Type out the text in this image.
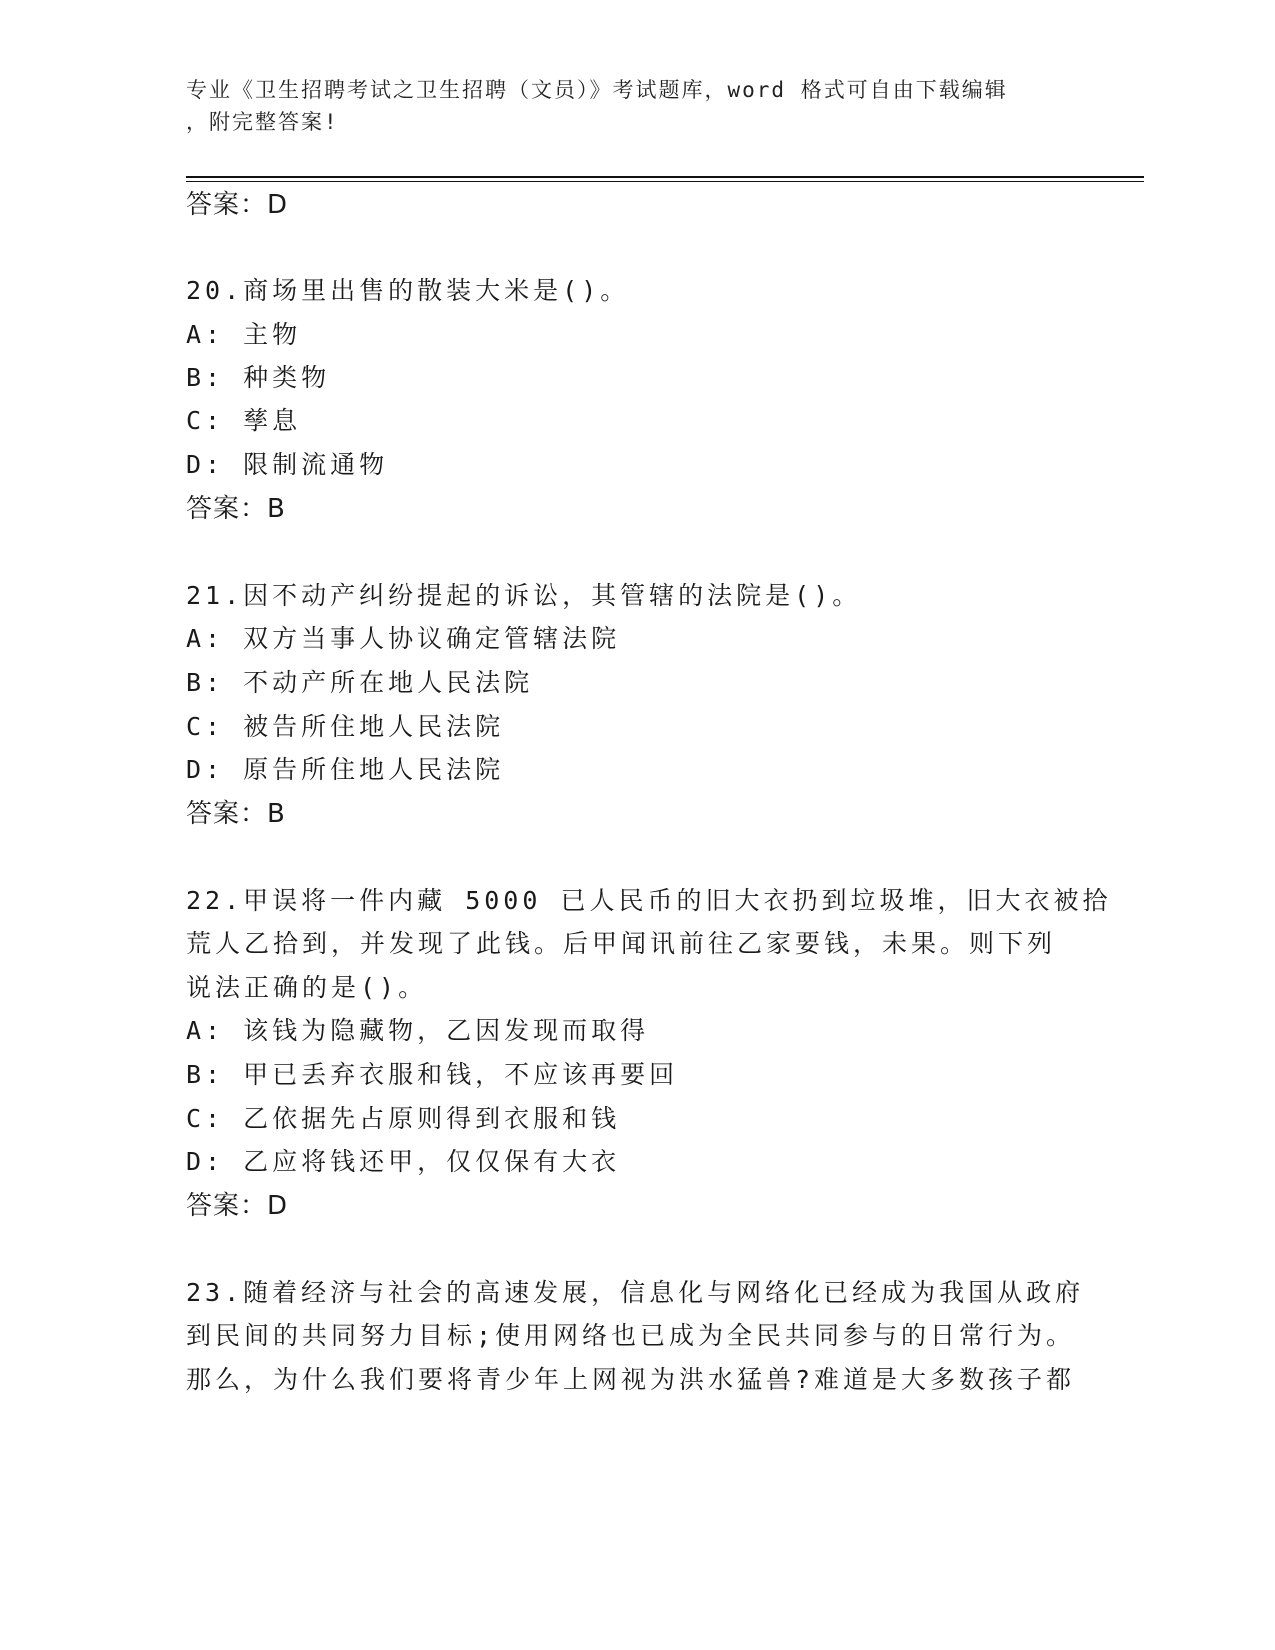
专业《卫生招聘考试之卫生招聘（文员）》考试题库，word 格式可自由下载编辑
，附完整答案!
答案：D
20.商场里出售的散装大米是()。
A: 主物
B: 种类物
C: 孳息
D: 限制流通物
答案：B
21.因不动产纠纷提起的诉讼，其管辖的法院是()。
A: 双方当事人协议确定管辖法院
B: 不动产所在地人民法院
C: 被告所住地人民法院
D: 原告所住地人民法院
答案：B
22.甲误将一件内藏 5000 已人民币的旧大衣扔到垃圾堆，旧大衣被拾
荒人乙拾到，并发现了此钱。后甲闻讯前往乙家要钱，未果。则下列
说法正确的是()。
A: 该钱为隐藏物，乙因发现而取得
B: 甲已丢弃衣服和钱，不应该再要回
C: 乙依据先占原则得到衣服和钱
D: 乙应将钱还甲，仅仅保有大衣
答案：D
23.随着经济与社会的高速发展，信息化与网络化已经成为我国从政府
到民间的共同努力目标;使用网络也已成为全民共同参与的日常行为。
那么，为什么我们要将青少年上网视为洪水猛兽?难道是大多数孩子都
